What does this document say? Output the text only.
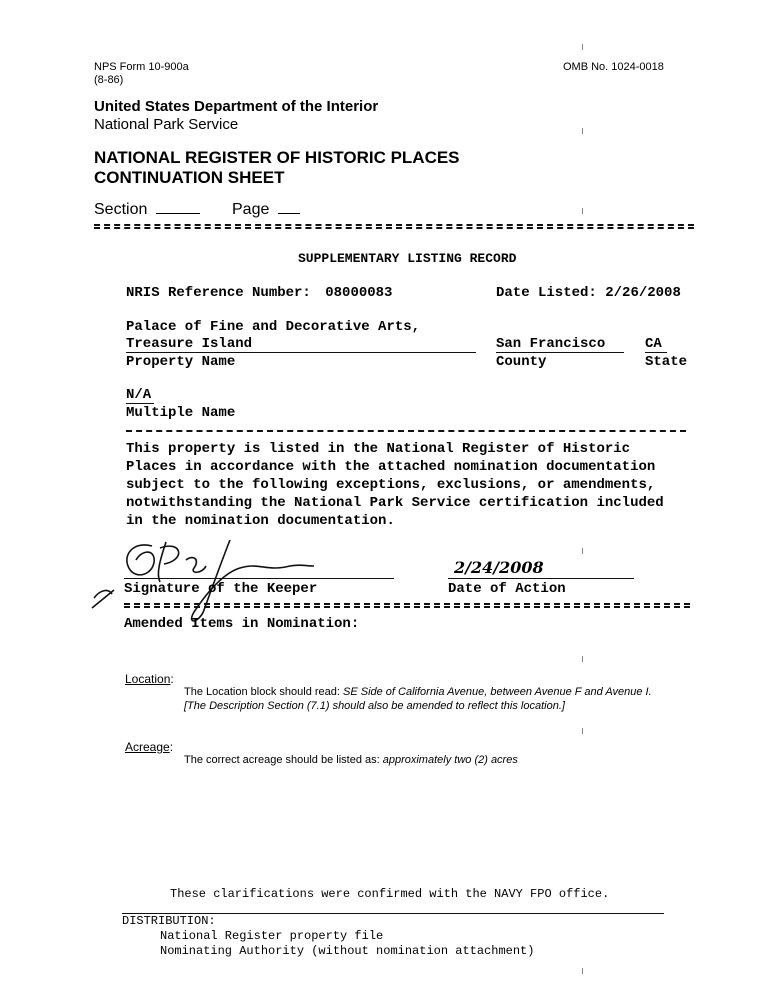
NPS Form 10-900a
(8-86)
OMB No. 1024-0018
United States Department of the Interior
National Park Service
NATIONAL REGISTER OF HISTORIC PLACES
CONTINUATION SHEET
Section	Page
SUPPLEMENTARY LISTING RECORD
NRIS Reference Number: 08000083	Date Listed: 2/26/2008
Palace of Fine and Decorative Arts,
Treasure Island
Property Name
San Francisco
County
CA
State
N/A
Multiple Name
This property is listed in the National Register of Historic
Places in accordance with the attached nomination documentation
subject to the following exceptions, exclusions, or amendments,
notwithstanding the National Park Service certification included
in the nomination documentation.
Signature of the Keeper
2/24/2008
Date of Action
Amended Items in Nomination:
Location:
The Location block should read: SE Side of California Avenue, between Avenue F and Avenue I.
[The Description Section (7.1) should also be amended to reflect this location.]
Acreage:
The correct acreage should be listed as: approximately two (2) acres
These clarifications were confirmed with the NAVY FPO office.
DISTRIBUTION:
National Register property file
Nominating Authority (without nomination attachment)
